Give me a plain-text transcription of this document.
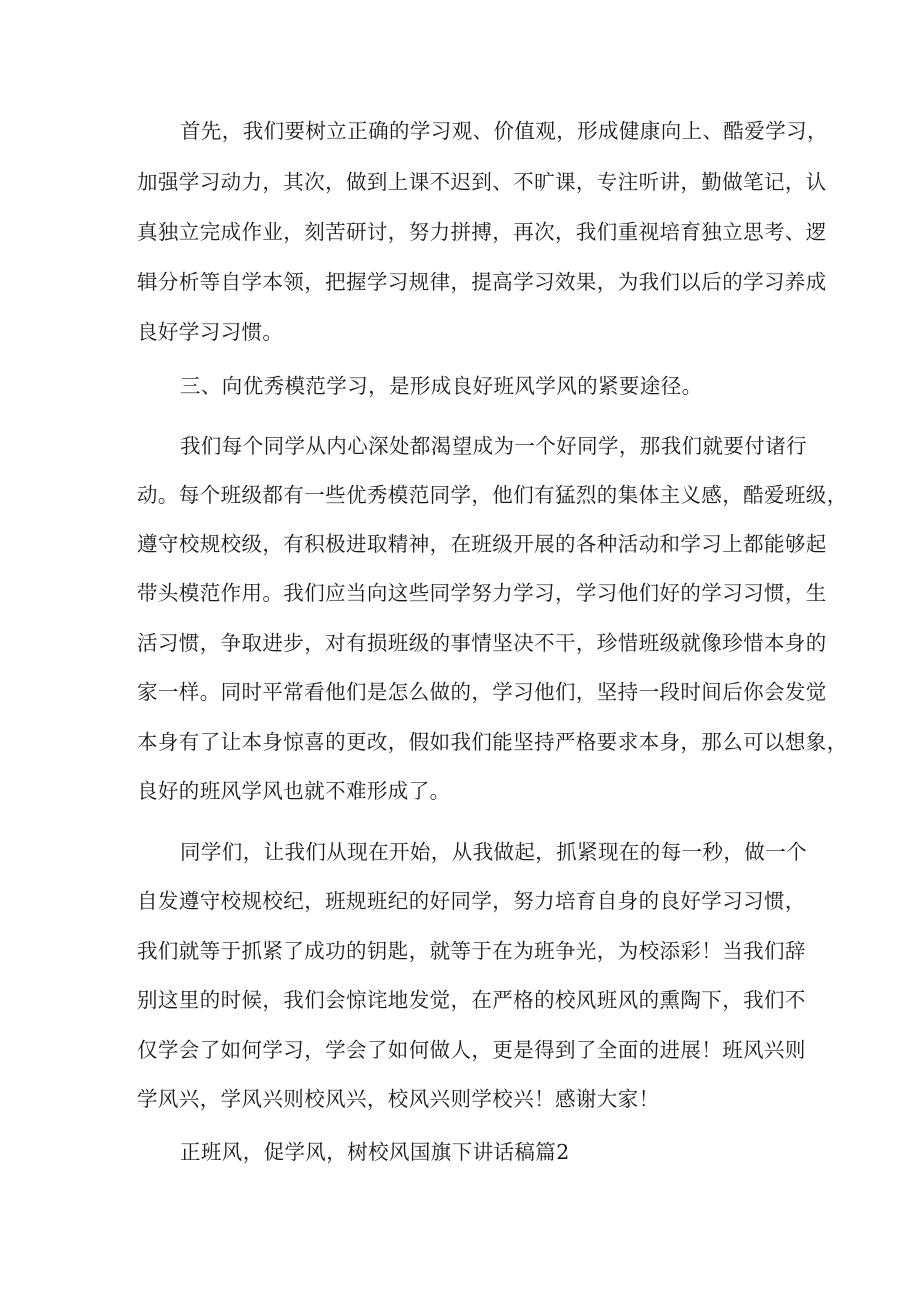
首先，我们要树立正确的学习观、价值观，形成健康向上、酷爱学习，
加强学习动力，其次，做到上课不迟到、不旷课，专注听讲，勤做笔记，认
真独立完成作业，刻苦研讨，努力拼搏，再次，我们重视培育独立思考、逻
辑分析等自学本领，把握学习规律，提高学习效果，为我们以后的学习养成
良好学习习惯。
三、向优秀模范学习，是形成良好班风学风的紧要途径。
我们每个同学从内心深处都渴望成为一个好同学，那我们就要付诸行
动。每个班级都有一些优秀模范同学，他们有猛烈的集体主义感，酷爱班级，
遵守校规校级，有积极进取精神，在班级开展的各种活动和学习上都能够起
带头模范作用。我们应当向这些同学努力学习，学习他们好的学习习惯，生
活习惯，争取进步，对有损班级的事情坚决不干，珍惜班级就像珍惜本身的
家一样。同时平常看他们是怎么做的，学习他们，坚持一段时间后你会发觉
本身有了让本身惊喜的更改，假如我们能坚持严格要求本身，那么可以想象，
良好的班风学风也就不难形成了。
同学们，让我们从现在开始，从我做起，抓紧现在的每一秒，做一个
自发遵守校规校纪，班规班纪的好同学，努力培育自身的良好学习习惯，
我们就等于抓紧了成功的钥匙，就等于在为班争光，为校添彩！当我们辞
别这里的时候，我们会惊诧地发觉，在严格的校风班风的熏陶下，我们不
仅学会了如何学习，学会了如何做人，更是得到了全面的进展！班风兴则
学风兴，学风兴则校风兴，校风兴则学校兴！感谢大家！
正班风，促学风，树校风国旗下讲话稿篇2
